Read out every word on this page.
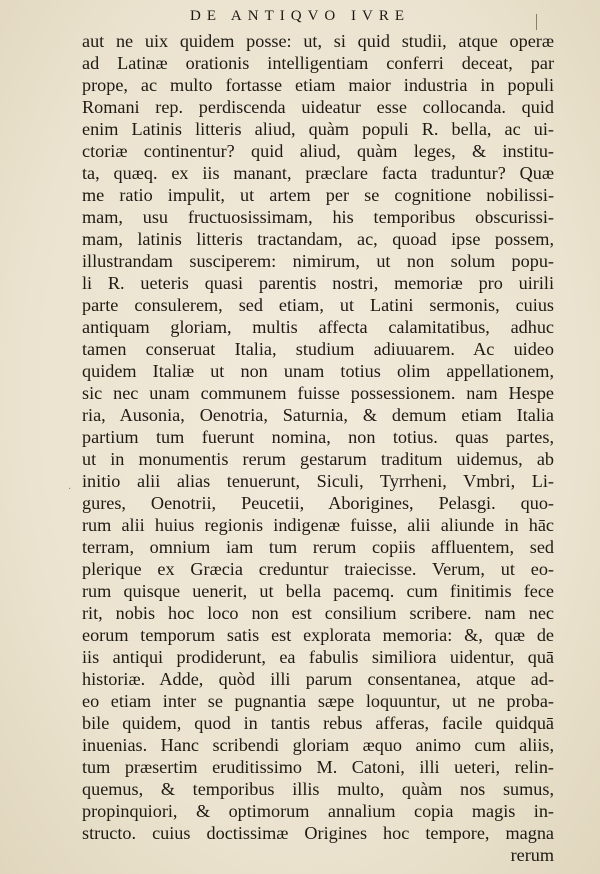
DE ANTIQVO IVRE
·
aut ne uix quidem posse: ut, si quid studii, atque operæ
ad Latinæ orationis intelligentiam conferri deceat, par
prope, ac multo fortasse etiam maior industria in populi
Romani rep. perdiscenda uideatur esse collocanda. quid
enim Latinis litteris aliud, quàm populi R. bella, ac ui-
ctoriæ continentur? quid aliud, quàm leges, & institu-
ta, quæq. ex iis manant, præclare facta traduntur? Quæ
me ratio impulit, ut artem per se cognitione nobilissi-
mam, usu fructuosissimam, his temporibus obscurissi-
mam, latinis litteris tractandam, ac, quoad ipse possem,
illustrandam susciperem: nimirum, ut non solum popu-
li R. ueteris quasi parentis nostri, memoriæ pro uirili
parte consulerem, sed etiam, ut Latini sermonis, cuius
antiquam gloriam, multis affecta calamitatibus, adhuc
tamen conseruat Italia, studium adiuuarem. Ac uideo
quidem Italiæ ut non unam totius olim appellationem,
sic nec unam communem fuisse possessionem. nam Hespe
ria, Ausonia, Oenotria, Saturnia, & demum etiam Italia
partium tum fuerunt nomina, non totius. quas partes,
ut in monumentis rerum gestarum traditum uidemus, ab
initio alii alias tenuerunt, Siculi, Tyrrheni, Vmbri, Li-
gures, Oenotrii, Peucetii, Aborigines, Pelasgi. quo-
rum alii huius regionis indigenæ fuisse, alii aliunde in hāc
terram, omnium iam tum rerum copiis affluentem, sed
plerique ex Græcia creduntur traiecisse. Verum, ut eo-
rum quisque uenerit, ut bella pacemq. cum finitimis fece
rit, nobis hoc loco non est consilium scribere. nam nec
eorum temporum satis est explorata memoria: &, quæ de
iis antiqui prodiderunt, ea fabulis similiora uidentur, quā
historiæ. Adde, quòd illi parum consentanea, atque ad-
eo etiam inter se pugnantia sæpe loquuntur, ut ne proba-
bile quidem, quod in tantis rebus afferas, facile quidquā
inuenias. Hanc scribendi gloriam æquo animo cum aliis,
tum præsertim eruditissimo M. Catoni, illi ueteri, relin-
quemus, & temporibus illis multo, quàm nos sumus,
propinquiori, & optimorum annalium copia magis in-
structo. cuius doctissimæ Origines hoc tempore, magna
rerum
